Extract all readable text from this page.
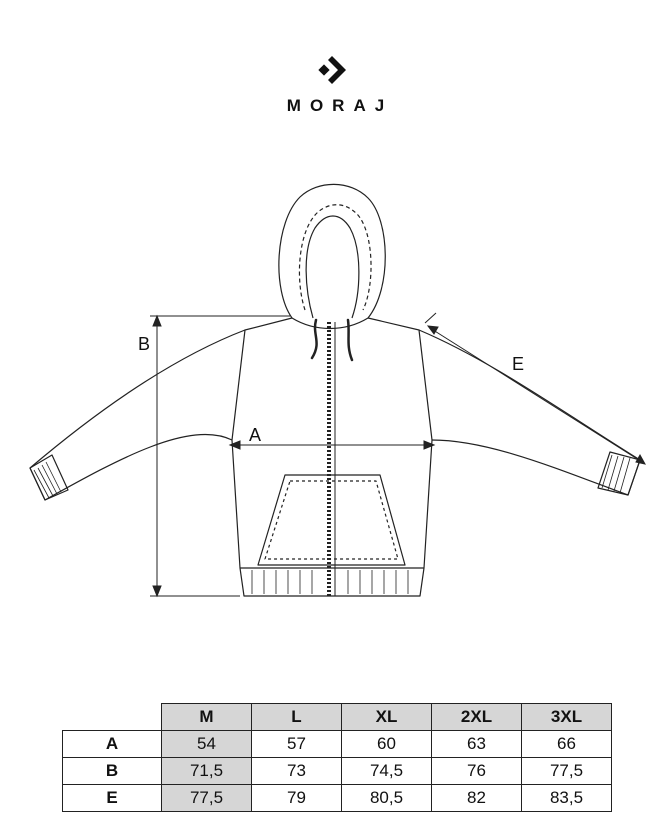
MORAJ
B
A
E
	M	L	XL	2XL	3XL
A	54	57	60	63	66
B	71,5	73	74,5	76	77,5
E	77,5	79	80,5	82	83,5
